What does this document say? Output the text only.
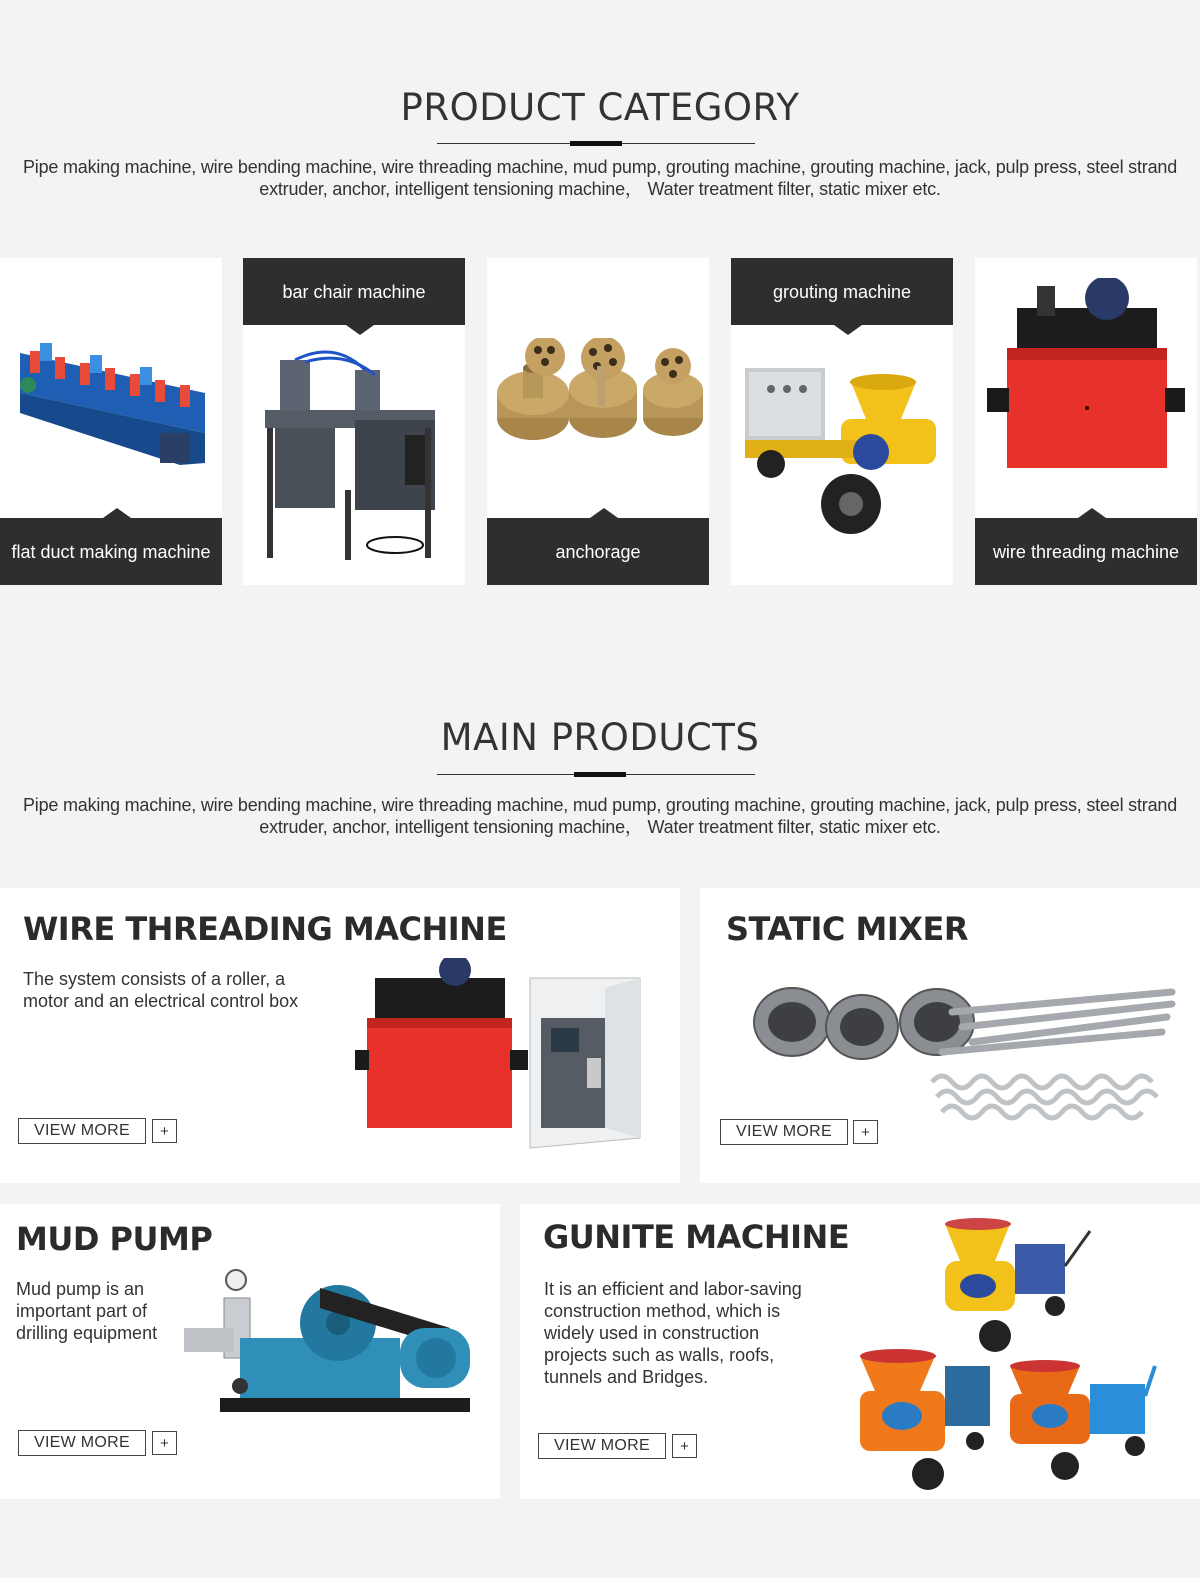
PRODUCT CATEGORY

Pipe making machine, wire bending machine, wire threading machine, mud pump, grouting machine, grouting machine, jack, pulp press, steel strand
extruder, anchor, intelligent tensioning machine， Water treatment filter, static mixer etc.

flat duct making machine
bar chair machine
anchorage
grouting machine
wire threading machine
MAIN PRODUCTS

Pipe making machine, wire bending machine, wire threading machine, mud pump, grouting machine, grouting machine, jack, pulp press, steel strand
extruder, anchor, intelligent tensioning machine， Water treatment filter, static mixer etc.

WIRE THREADING MACHINE
The system consists of a roller, a motor and an electrical control box
VIEW MORE	+
STATIC MIXER
VIEW MORE	+
MUD PUMP
Mud pump is an important part of drilling equipment
VIEW MORE	+
GUNITE MACHINE
It is an efficient and labor-saving construction method, which is widely used in construction projects such as walls, roofs, tunnels and Bridges.
VIEW MORE	+
